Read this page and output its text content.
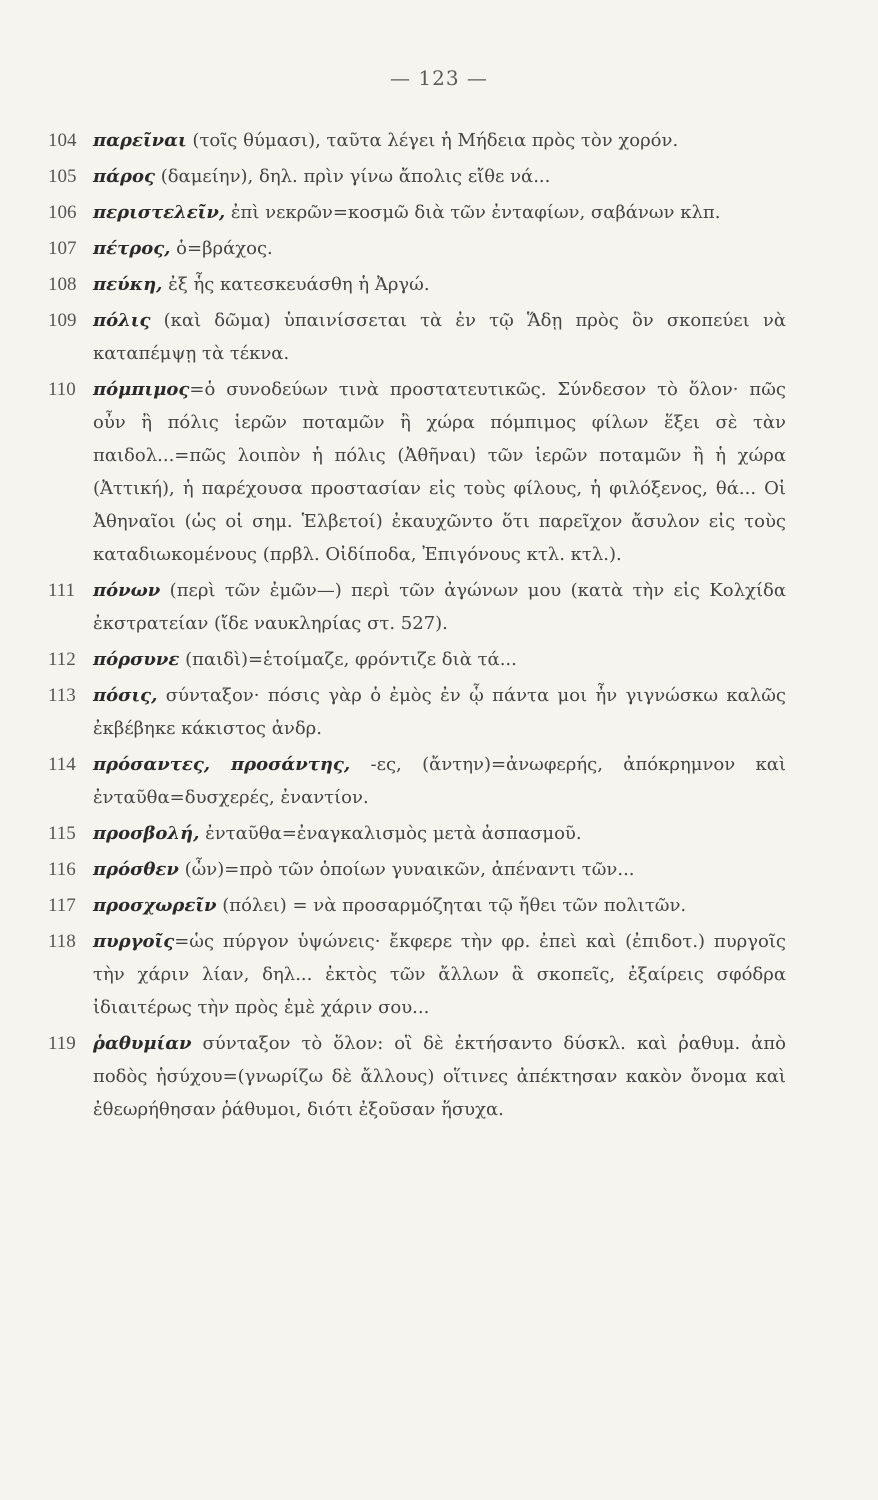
— 123 —
104 παρεῖναι (τοῖς θύμασι), ταῦτα λέγει ἡ Μήδεια πρὸς τὸν χορόν.
105 πάρος (δαμείην), δηλ. πρὶν γίνω ἄπολις εἴθε νά...
106 περιστελεῖν, ἐπὶ νεκρῶν=κοσμῶ διὰ τῶν ἐνταφίων, σαβάνων κλπ.
107 πέτρος, ὁ=βράχος.
108 πεύκη, ἐξ ἧς κατεσκευάσθη ἡ Ἀργώ.
109 πόλις (καὶ δῶμα) ὑπαινίσσεται τὰ ἐν τῷ Ἅδῃ πρὸς ὃν σκοπεύει νὰ καταπέμψῃ τὰ τέκνα.
110 πόμπιμος=ὁ συνοδεύων τινὰ προστατευτικῶς. Σύνδεσον τὸ ὅλον· πῶς οὖν ἢ πόλις ἱερῶν ποταμῶν ἢ χώρα πόμπιμος φίλων ἕξει σὲ τὰν παιδολ...=πῶς λοιπὸν ἡ πόλις (Ἀθῆναι) τῶν ἱερῶν ποταμῶν ἢ ἡ χώρα (Ἀττική), ἡ παρέχουσα προστασίαν εἰς τοὺς φίλους, ἡ φιλόξενος, θά... Οἱ Ἀθηναῖοι (ὡς οἱ σημ. Ἑλβετοί) ἐκαυχῶντο ὅτι παρεῖχον ἄσυλον εἰς τοὺς καταδιωκομένους (πρβλ. Οἰδίποδα, Ἐπιγόνους κτλ. κτλ.).
111 πόνων (περὶ τῶν ἐμῶν—) περὶ τῶν ἀγώνων μου (κατὰ τὴν εἰς Κολχίδα ἐκστρατείαν (ἴδε ναυκληρίας στ. 527).
112 πόρσυνε (παιδὶ)=ἑτοίμαζε, φρόντιζε διὰ τά...
113 πόσις, σύνταξον· πόσις γὰρ ὁ ἐμὸς ἐν ᾧ πάντα μοι ἦν γιγνώσκω καλῶς ἐκβέβηκε κάκιστος ἀνδρ.
114 πρόσαντες, προσάντης, -ες, (ἄντην)=ἀνωφερής, ἀπόκρημνον καὶ ἐνταῦθα=δυσχερές, ἐναντίον.
115 προσβολή, ἐνταῦθα=ἐναγκαλισμὸς μετὰ ἀσπασμοῦ.
116 πρόσθεν (ὧν)=πρὸ τῶν ὁποίων γυναικῶν, ἀπέναντι τῶν...
117 προσχωρεῖν (πόλει) = νὰ προσαρμόζηται τῷ ἤθει τῶν πολιτῶν.
118 πυργοῖς=ὡς πύργον ὑψώνεις· ἔκφερε τὴν φρ. ἐπεὶ καὶ (ἐπιδοτ.) πυργοῖς τὴν χάριν λίαν, δηλ... ἐκτὸς τῶν ἄλλων ἃ σκοπεῖς, ἐξαίρεις σφόδρα ἰδιαιτέρως τὴν πρὸς ἐμὲ χάριν σου...
119 ῥαθυμίαν σύνταξον τὸ ὅλον: οἳ δὲ ἐκτήσαντο δύσκλ. καὶ ῥαθυμ. ἀπὸ ποδὸς ἡσύχου=(γνωρίζω δὲ ἄλλους) οἵτινες ἀπέκτησαν κακὸν ὄνομα καὶ ἐθεωρήθησαν ῥάθυμοι, διότι ἐξοῦσαν ἥσυχα.
